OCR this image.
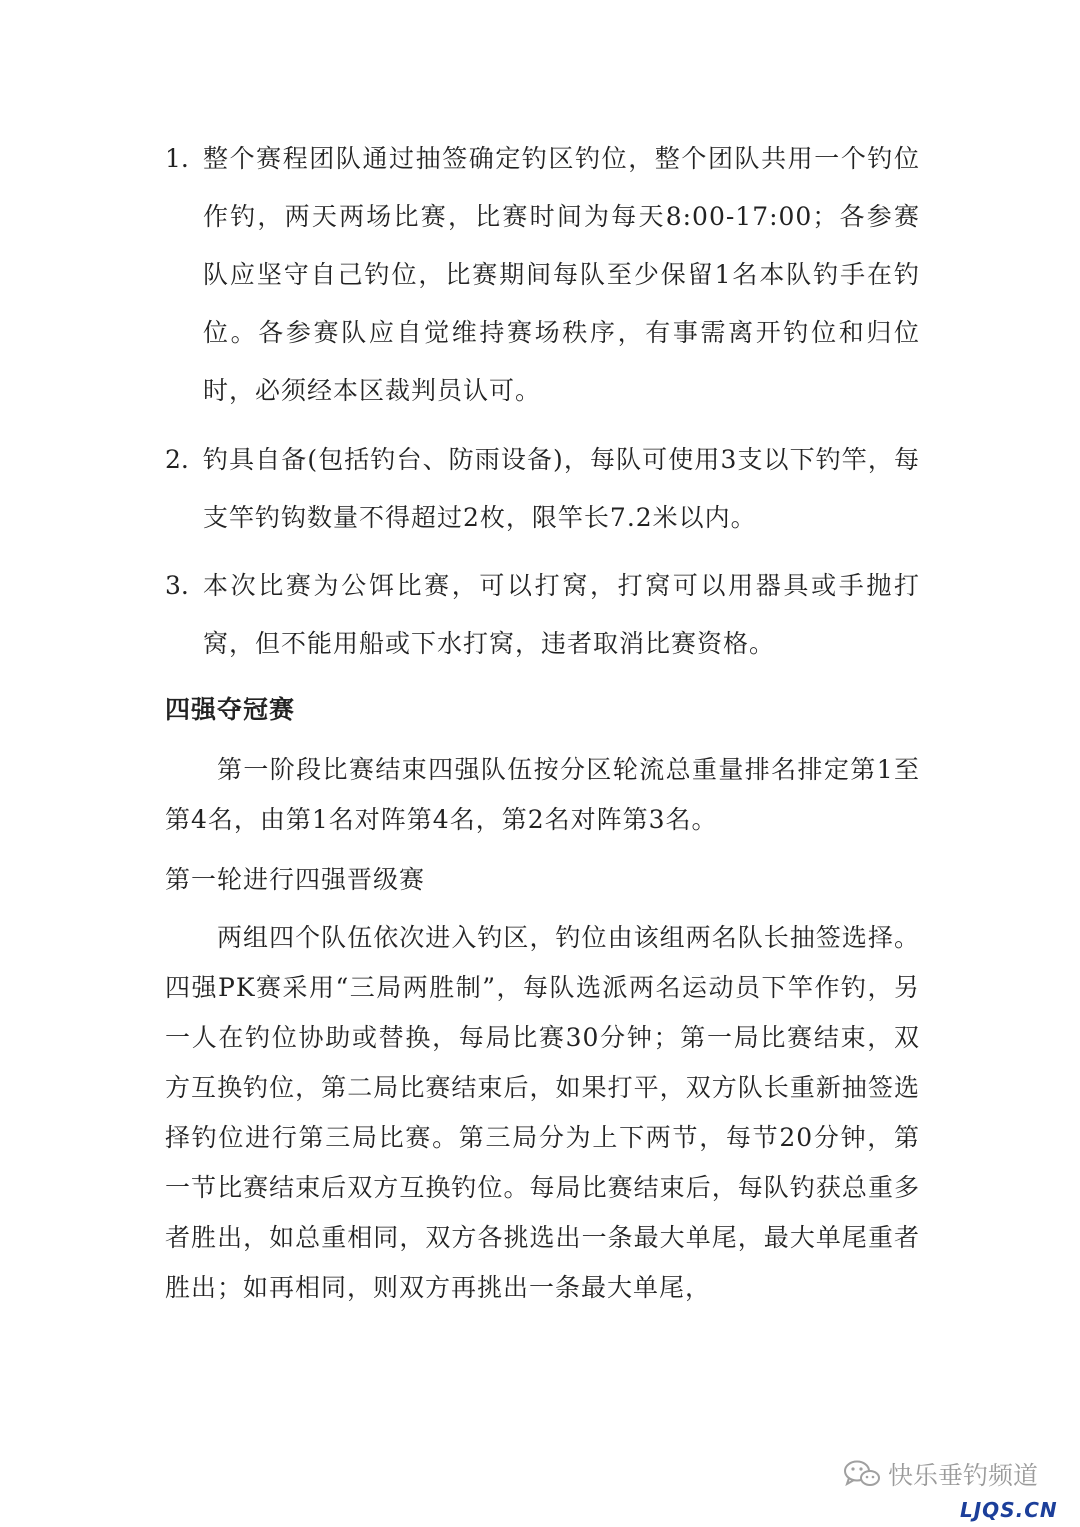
1. 整个赛程团队通过抽签确定钓区钓位，整个团队共用一个钓位作钓，两天两场比赛，比赛时间为每天8:00-17:00；各参赛队应坚守自己钓位，比赛期间每队至少保留1名本队钓手在钓位。各参赛队应自觉维持赛场秩序，有事需离开钓位和归位时，必须经本区裁判员认可。
2. 钓具自备(包括钓台、防雨设备)，每队可使用3支以下钓竿，每支竿钓钩数量不得超过2枚，限竿长7.2米以内。
3. 本次比赛为公饵比赛，可以打窝，打窝可以用器具或手抛打窝，但不能用船或下水打窝，违者取消比赛资格。
四强夺冠赛
第一阶段比赛结束四强队伍按分区轮流总重量排名排定第1至第4名，由第1名对阵第4名，第2名对阵第3名。
第一轮进行四强晋级赛
两组四个队伍依次进入钓区，钓位由该组两名队长抽签选择。四强PK赛采用“三局两胜制”，每队选派两名运动员下竿作钓，另一人在钓位协助或替换，每局比赛30分钟；第一局比赛结束，双方互换钓位，第二局比赛结束后，如果打平，双方队长重新抽签选择钓位进行第三局比赛。第三局分为上下两节，每节20分钟，第一节比赛结束后双方互换钓位。每局比赛结束后，每队钓获总重多者胜出，如总重相同，双方各挑选出一条最大单尾，最大单尾重者胜出；如再相同，则双方再挑出一条最大单尾，
快乐垂钓频道
LJQS.CN
